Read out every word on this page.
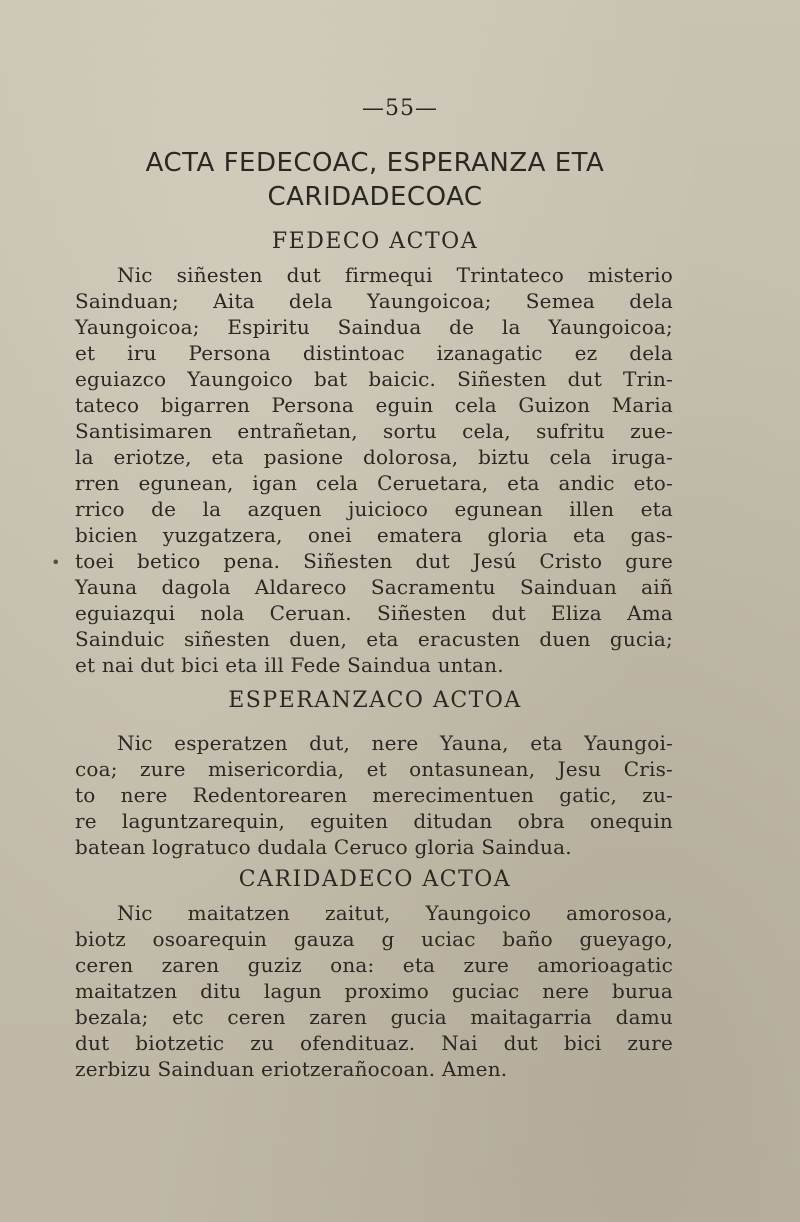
—55—
ACTA FEDECOAC, ESPERANZA ETA
CARIDADECOAC
FEDECO ACTOA
Nic siñesten dut firmequi Trintateco misterio
Sainduan; Aita dela Yaungoicoa; Semea dela
Yaungoicoa; Espiritu Saindua de la Yaungoicoa;
et iru Persona distintoac izanagatic ez dela
eguiazco Yaungoico bat baicic. Siñesten dut Trin-
tateco bigarren Persona eguin cela Guizon Maria
Santisimaren entrañetan, sortu cela, sufritu zue-
la eriotze, eta pasione dolorosa, biztu cela iruga-
rren egunean, igan cela Ceruetara, eta andic eto-
rrico de la azquen juicioco egunean illen eta
bicien yuzgatzera, onei ematera gloria eta gas-
toei betico pena. Siñesten dut Jesú Cristo gure
Yauna dagola Aldareco Sacramentu Sainduan aiñ
eguiazqui nola Ceruan. Siñesten dut Eliza Ama
Sainduic siñesten duen, eta eracusten duen gucia;
et nai dut bici eta ill Fede Saindua untan.
•
ESPERANZACO ACTOA
Nic esperatzen dut, nere Yauna, eta Yaungoi-
coa; zure misericordia, et ontasunean, Jesu Cris-
to nere Redentorearen merecimentuen gatic, zu-
re laguntzarequin, eguiten ditudan obra onequin
batean logratuco dudala Ceruco gloria Saindua.
CARIDADECO ACTOA
Nic maitatzen zaitut, Yaungoico amorosoa,
biotz osoarequin gauza g uciac baño gueyago,
ceren zaren guziz ona: eta zure amorioagatic
maitatzen ditu lagun proximo guciac nere burua
bezala; etc ceren zaren gucia maitagarria damu
dut biotzetic zu ofendituaz. Nai dut bici zure
zerbizu Sainduan eriotzerañocoan. Amen.
